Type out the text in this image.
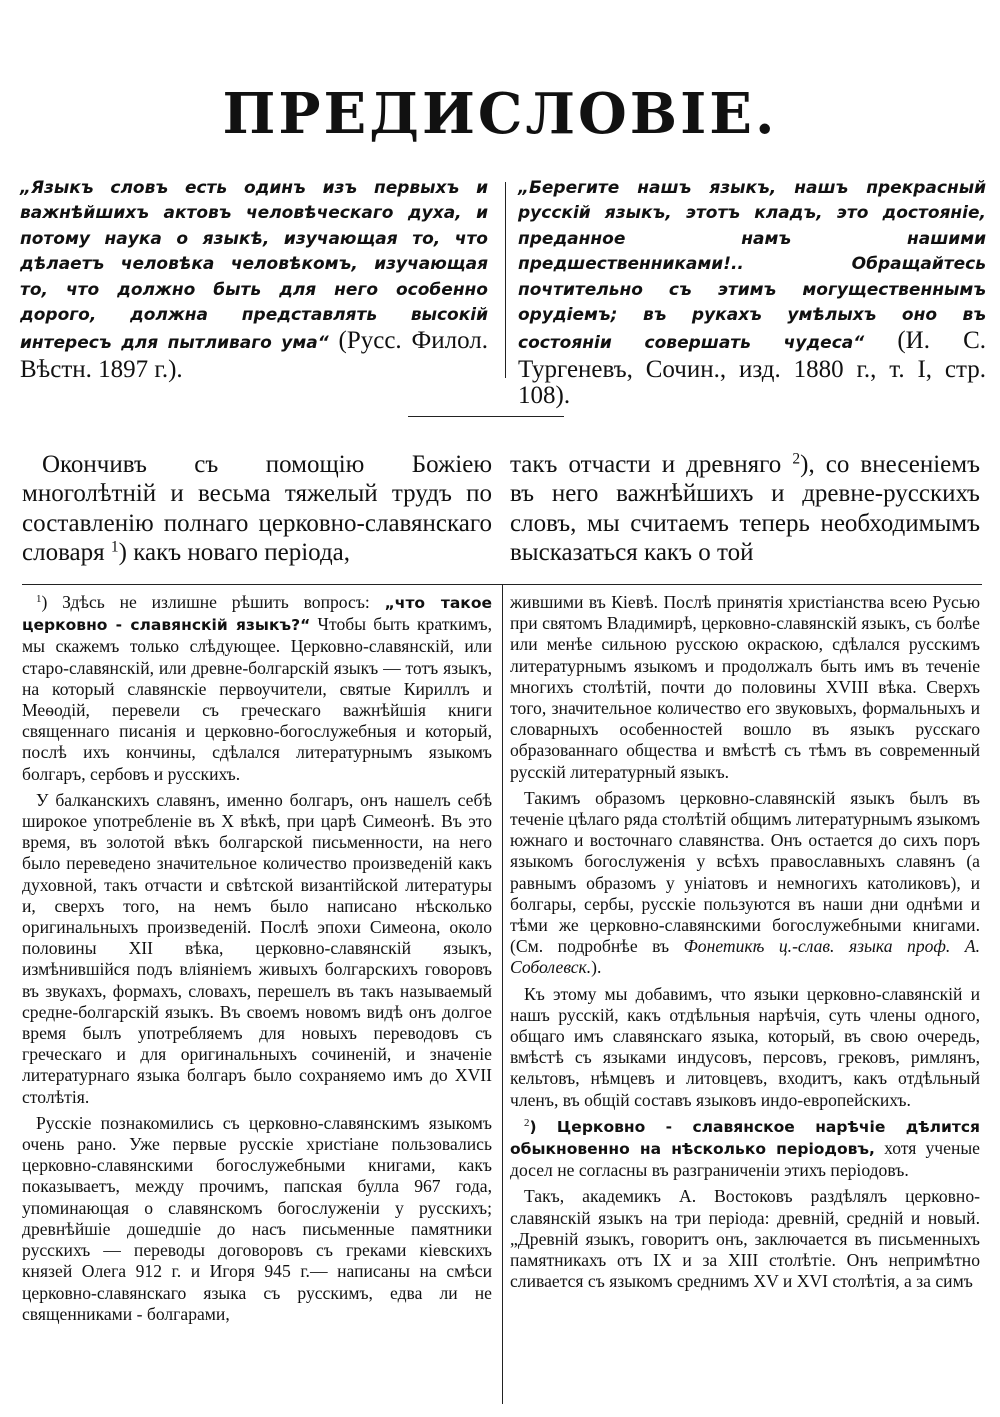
ПРЕДИСЛОВIЕ.
„Языкъ словъ есть одинъ изъ первыхъ и важнѣйшихъ актовъ человѣческаго духа, и потому наука о языкѣ, изучающая то, что дѣлаетъ человѣка человѣкомъ, изучающая то, что должно быть для него особенно дорого, должна представлять высокiй интересъ для пытливаго ума“ (Русс. Филол. Вѣстн. 1897 г.).
„Берегите нашъ языкъ, нашъ прекрасный русскiй языкъ, этотъ кладъ, это достоянiе, преданное намъ нашими предшественниками!.. Обращайтесь почтительно съ этимъ могущественнымъ орудiемъ; въ рукахъ умѣлыхъ оно въ состоянiи совершать чудеса“ (И. С. Тургеневъ, Сочин., изд. 1880 г., т. I, стр. 108).

Окончивъ съ помощiю Божiею многолѣтнiй и весьма тяжелый трудъ по составленiю полнаго церковно-славянскаго словаря $^1$) какъ новаго перiода,

такъ отчасти и древняго $^2$), со внесенiемъ въ него важнѣйшихъ и древне-русскихъ словъ, мы считаемъ теперь необходимымъ высказаться какъ о той

$^1$) Здѣсь не излишне рѣшить вопросъ: „что такое церковно - славянскiй языкъ?“ Чтобы быть краткимъ, мы скажемъ только слѣдующее. Церковно-славянскiй, или старо-славянскiй, или древне-болгарскiй языкъ — тотъ языкъ, на который славянскiе первоучители, святые Кириллъ и Меѳодiй, перевели съ греческаго важнѣйшiя книги священнаго писанiя и церковно-богослужебныя и который, послѣ ихъ кончины, сдѣлался литературнымъ языкомъ болгаръ, сербовъ и русскихъ.

У балканскихъ славянъ, именно болгаръ, онъ нашелъ себѣ широкое употребленiе въ X вѣкѣ, при царѣ Симеонѣ. Въ это время, въ золотой вѣкъ болгарской письменности, на него было переведено значительное количество произведенiй какъ духовной, такъ отчасти и свѣтской византiйской литературы и, сверхъ того, на немъ было написано нѣсколько оригинальныхъ произведенiй. Послѣ эпохи Симеона, около половины XII вѣка, церковно-славянскiй языкъ, измѣнившiйся подъ влiянiемъ живыхъ болгарскихъ говоровъ въ звукахъ, формахъ, словахъ, перешелъ въ такъ называемый средне-болгарскiй языкъ. Въ своемъ новомъ видѣ онъ долгое время былъ употребляемъ для новыхъ переводовъ съ греческаго и для оригинальныхъ сочиненiй, и значенiе литературнаго языка болгаръ было сохраняемо имъ до XVII столѣтiя.

Русскiе познакомились съ церковно-славянскимъ языкомъ очень рано. Уже первые русскiе христiане пользовались церковно-славянскими богослужебными книгами, какъ показываетъ, между прочимъ, папская булла 967 года, упоминающая о славянскомъ богослуженiи у русскихъ; древнѣйшiе дошедшiе до насъ письменные памятники русскихъ — переводы договоровъ съ греками кiевскихъ князей Олега 912 г. и Игоря 945 г.— написаны на смѣси церковно-славянскаго языка съ русскимъ, едва ли не священниками - болгарами,

жившими въ Кiевѣ. Послѣ принятiя христiанства всею Русью при святомъ Владимирѣ, церковно-славянскiй языкъ, съ болѣе или менѣе сильною русскою окраскою, сдѣлался русскимъ литературнымъ языкомъ и продолжалъ быть имъ въ теченiе многихъ столѣтiй, почти до половины XVIII вѣка. Сверхъ того, значительное количество его звуковыхъ, формальныхъ и словарныхъ особенностей вошло въ языкъ русскаго образованнаго общества и вмѣстѣ съ тѣмъ въ современный русскiй литературный языкъ.

Такимъ образомъ церковно-славянскiй языкъ былъ въ теченiе цѣлаго ряда столѣтiй общимъ литературнымъ языкомъ южнаго и восточнаго славянства. Онъ остается до сихъ поръ языкомъ богослуженiя у всѣхъ православныхъ славянъ (а равнымъ образомъ у унiатовъ и немногихъ католиковъ), и болгары, сербы, русскiе пользуются въ наши дни однѣми и тѣми же церковно-славянскими богослужебными книгами. (См. подробнѣе въ Фонетикѣ ц.-слав. языка проф. А. Соболевск.).

Къ этому мы добавимъ, что языки церковно-славянскiй и нашъ русскiй, какъ отдѣльныя нарѣчiя, суть члены одного, общаго имъ славянскаго языка, который, въ свою очередь, вмѣстѣ съ языками индусовъ, персовъ, грековъ, римлянъ, кельтовъ, нѣмцевъ и литовцевъ, входитъ, какъ отдѣльный членъ, въ общiй составъ языковъ индо-европейскихъ.

$^2$) Церковно - славянское нарѣчiе дѣлится обыкновенно на нѣсколько перiодовъ, хотя ученые досел не согласны въ разграниченiи этихъ перiодовъ.

Такъ, академикъ А. Востоковъ раздѣлялъ церковно-славянскiй языкъ на три перiода: древнiй, среднiй и новый. „Древнiй языкъ, говоритъ онъ, заключается въ письменныхъ памятникахъ отъ IX и за XIII столѣтiе. Онъ непримѣтно сливается съ языкомъ среднимъ XV и XVI столѣтiя, а за симъ
